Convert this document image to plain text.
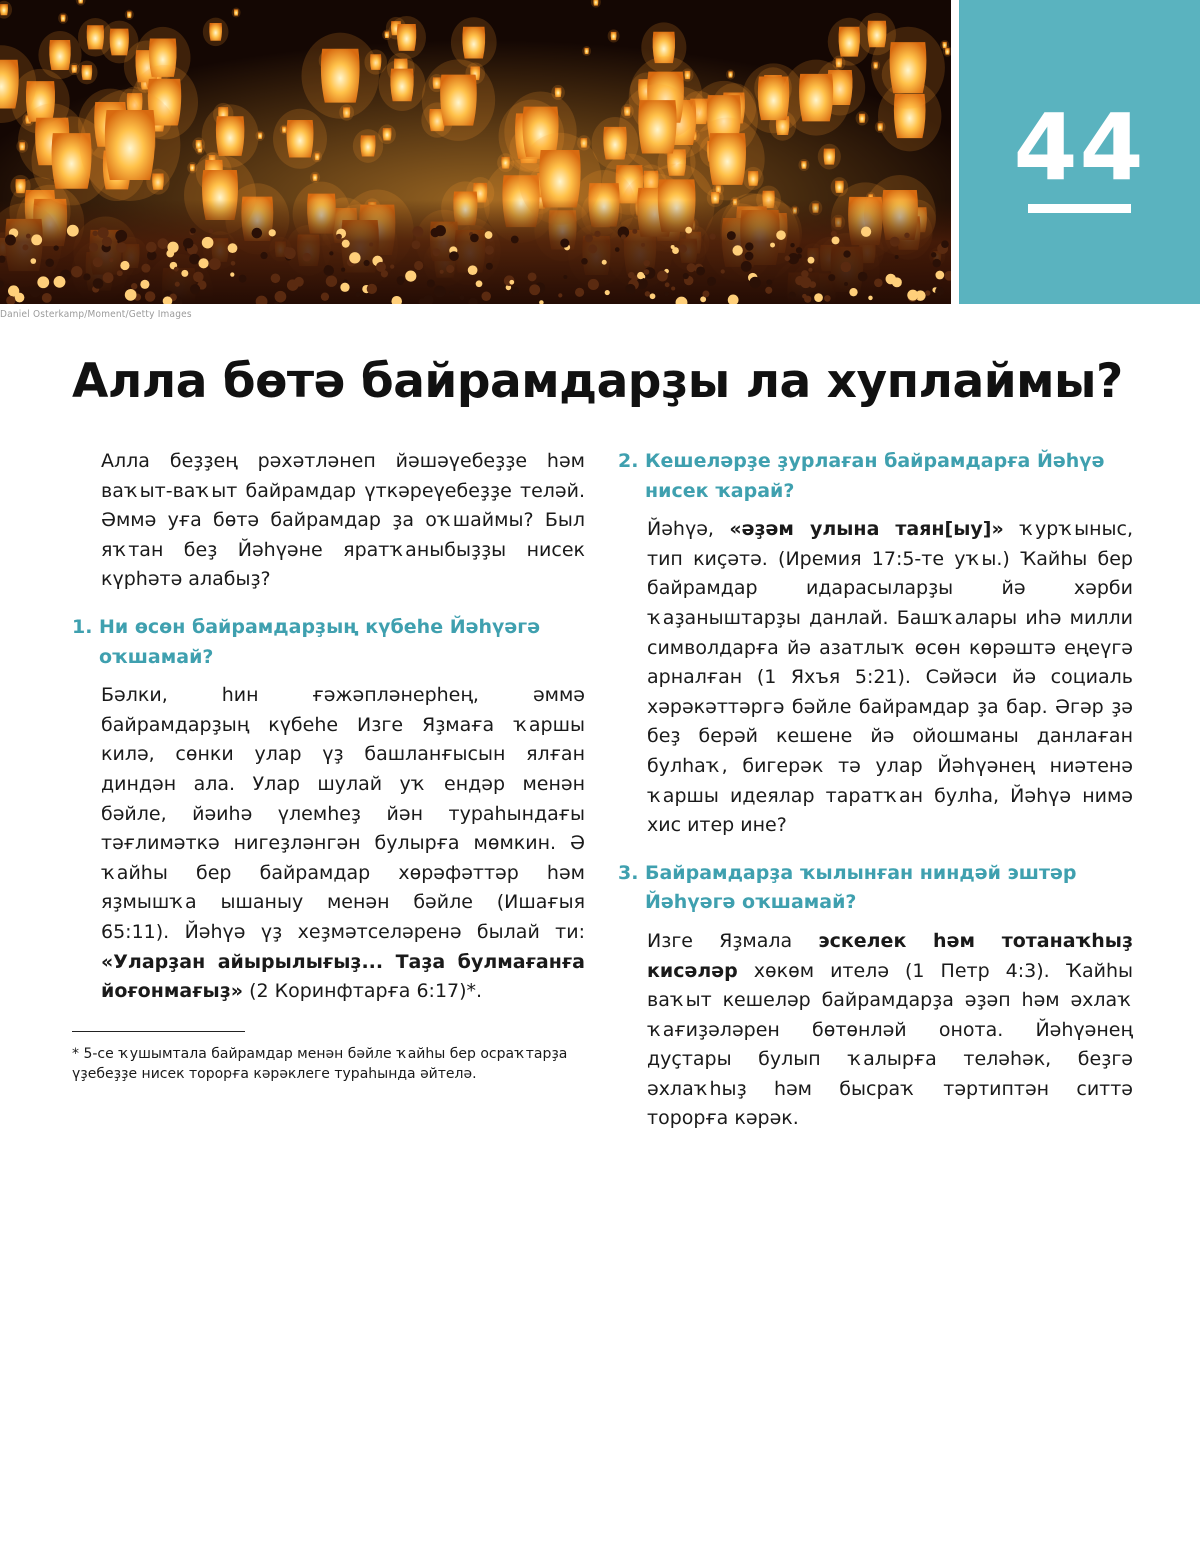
44
Daniel Osterkamp/Moment/Getty Images
Алла бөтә байрамдарҙы ла хуплаймы?

Алла беҙҙең рәхәтләнеп йәшәүебеҙҙе һәм ваҡыт-ваҡыт байрамдар үткәреүебеҙҙе теләй. Әммә уға бөтә байрамдар ҙа оҡшаймы? Был яҡтан беҙ Йәһүәне яратҡаныбыҙҙы нисек күрһәтә алабыҙ?

1. Ни өсөн байрамдарҙың күбеһе Йәһүәгә оҡшамай?

Бәлки, һин ғәжәпләнерһең, әммә байрамдарҙың күбеһе Изге Яҙмаға ҡаршы килә, сөнки улар үҙ башланғысын ялған диндән ала. Улар шулай уҡ ендәр менән бәйле, йәиһә үлемһеҙ йән тураһындағы тәғлимәткә нигеҙләнгән булырға мөмкин. Ә ҡайһы бер байрамдар хөрәфәттәр һәм яҙмышҡа ышаныу менән бәйле (Ишағыя 65:11). Йәһүә үҙ хеҙмәтселәренә былай ти: «Уларҙан айырылығыҙ... Таҙа булмағанға йоғонмағыҙ» (2 Коринфтарға 6:17)*.

* 5-се ҡушымтала байрамдар менән бәйле ҡайһы бер осраҡтарҙа үҙебеҙҙе нисек торорға кәрәклеге тураһында әйтелә.

2. Кешеләрҙе ҙурлаған байрамдарға Йәһүә нисек ҡарай?

Йәһүә, «әҙәм улына таян[ыу]» ҡурҡыныс, тип киҫәтә. (Иремия 17:5-те уҡы.) Ҡайһы бер байрамдар идарасыларҙы йә хәрби ҡаҙаныштарҙы данлай. Башҡалары иһә милли символдарға йә азатлыҡ өсөн көрәштә еңеүгә арналған (1 Яхъя 5:21). Сәйәси йә социаль хәрәкәттәргә бәйле байрамдар ҙа бар. Әгәр ҙә беҙ берәй кешене йә ойошманы данлаған булһаҡ, бигерәк тә улар Йәһүәнең ниәтенә ҡаршы идеялар таратҡан булһа, Йәһүә нимә хис итер ине?

3. Байрамдарҙа ҡылынған ниндәй эштәр Йәһүәгә оҡшамай?

Изге Яҙмала эскелек һәм тотанаҡһыҙ кисәләр хөкөм ителә (1 Петр 4:3). Ҡайһы ваҡыт кешеләр байрамдарҙа әҙәп һәм әхлаҡ ҡағиҙәләрен бөтөнләй онота. Йәһүәнең дуҫтары булып ҡалырға теләһәк, беҙгә әхлаҡһыҙ һәм бысраҡ тәртиптән ситтә торорға кәрәк.
